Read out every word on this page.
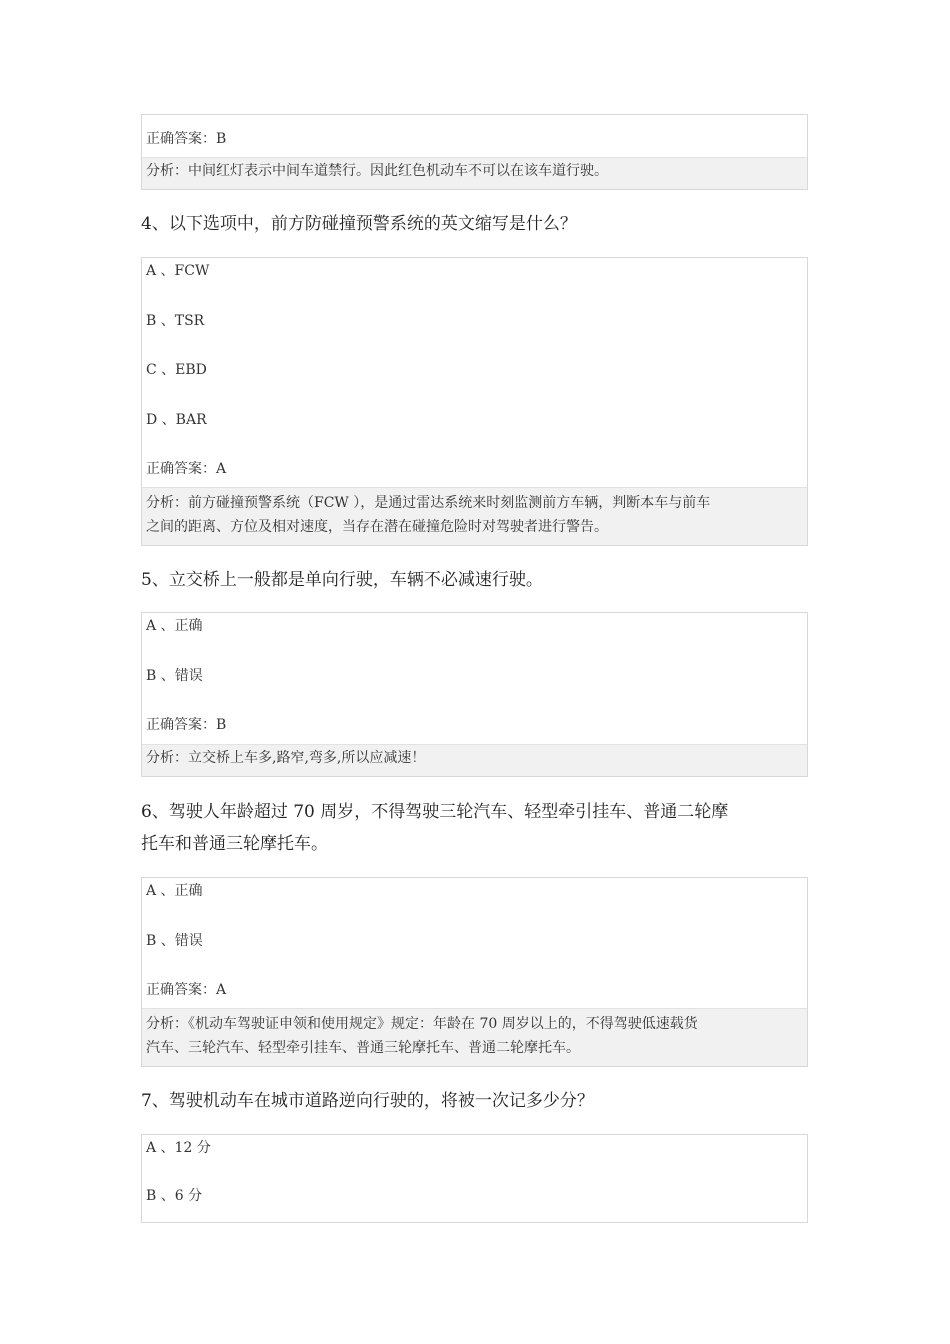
正确答案：B
分析：中间红灯表示中间车道禁行。因此红色机动车不可以在该车道行驶。
4、以下选项中，前方防碰撞预警系统的英文缩写是什么？
A 、FCW
B 、TSR
C 、EBD
D 、BAR
正确答案：A
分析：前方碰撞预警系统（FCW ），是通过雷达系统来时刻监测前方车辆，判断本车与前车
之间的距离、方位及相对速度，当存在潜在碰撞危险时对驾驶者进行警告。
5、立交桥上一般都是单向行驶，车辆不必减速行驶。
A 、正确
B 、错误
正确答案：B
分析：立交桥上车多,路窄,弯多,所以应减速！
6、驾驶人年龄超过 70 周岁，不得驾驶三轮汽车、轻型牵引挂车、普通二轮摩
托车和普通三轮摩托车。
A 、正确
B 、错误
正确答案：A
分析：《机动车驾驶证申领和使用规定》规定：年龄在 70 周岁以上的，不得驾驶低速载货
汽车、三轮汽车、轻型牵引挂车、普通三轮摩托车、普通二轮摩托车。
7、驾驶机动车在城市道路逆向行驶的，将被一次记多少分？
A 、12 分
B 、6 分
